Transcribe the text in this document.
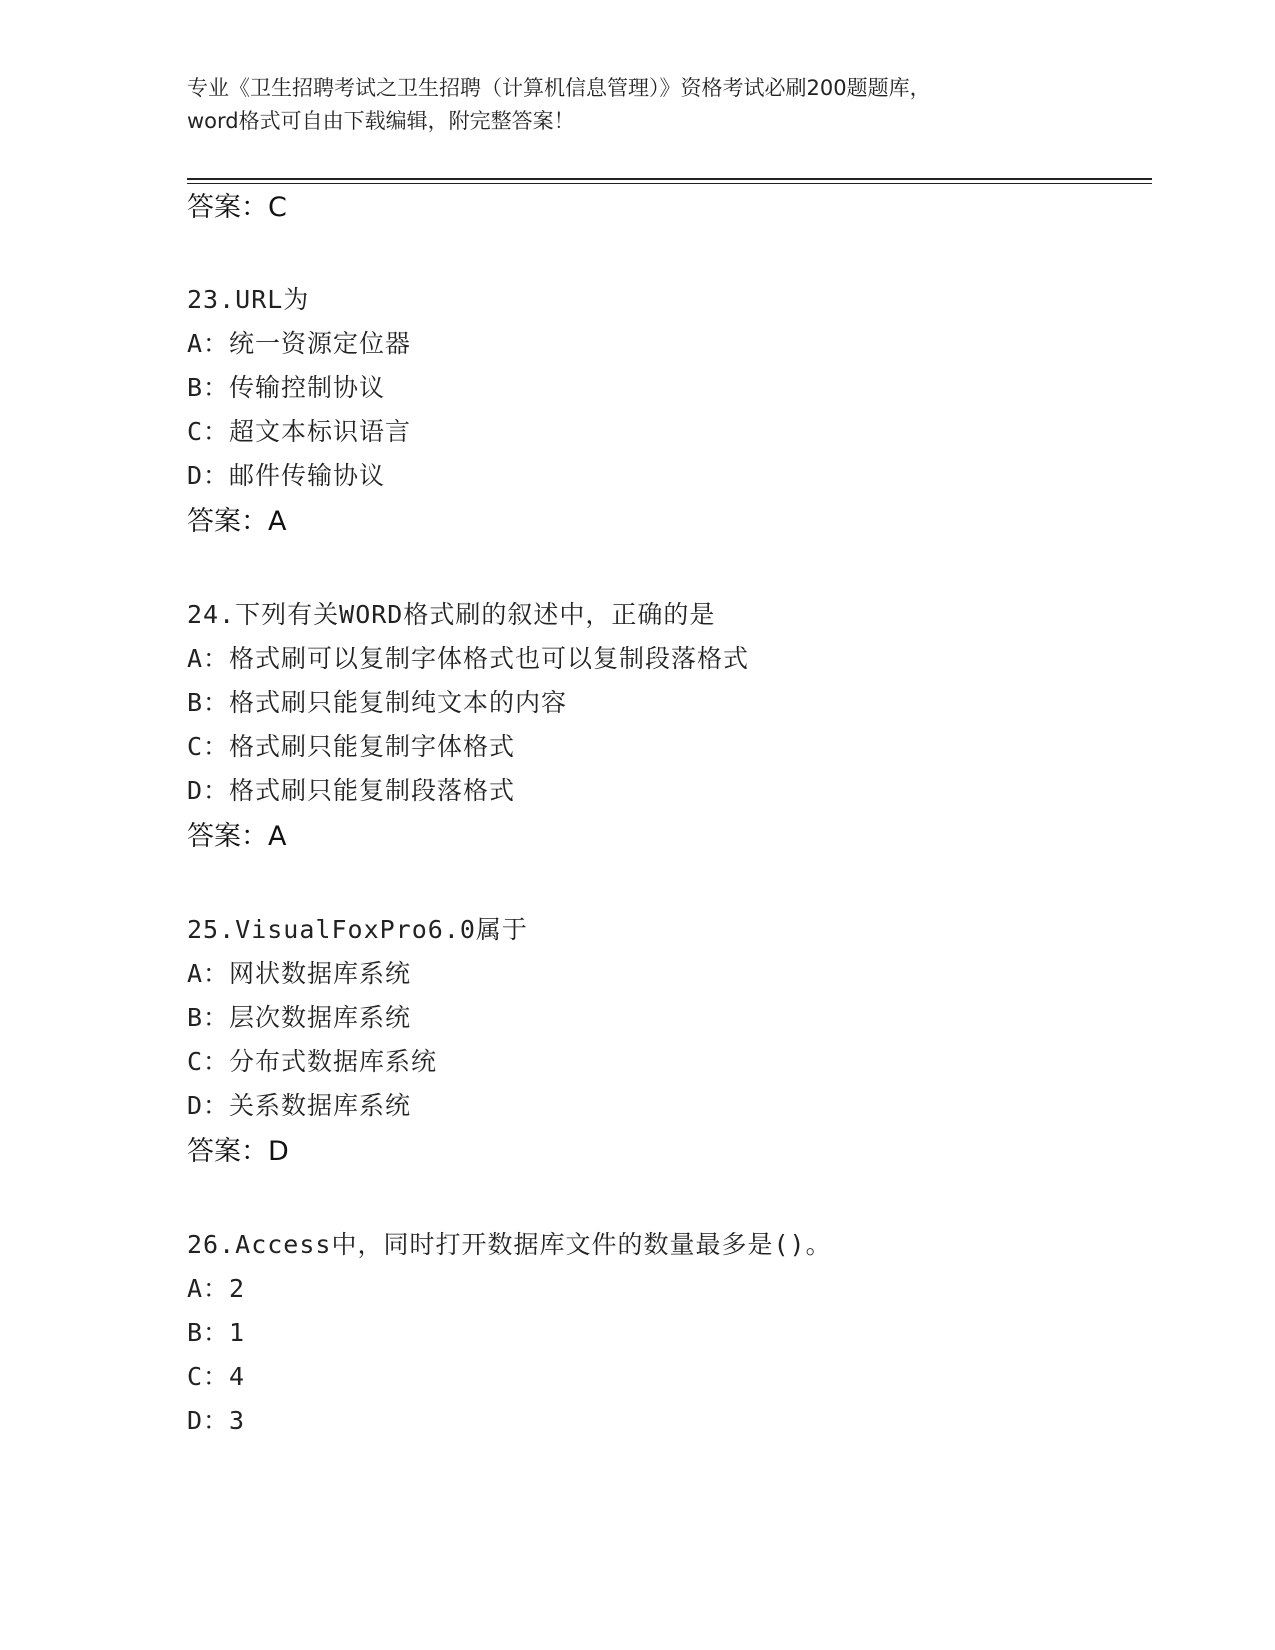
专业《卫生招聘考试之卫生招聘（计算机信息管理）》资格考试必刷200题题库，
word格式可自由下载编辑，附完整答案！
答案：C
23.URL为
A：统一资源定位器
B：传输控制协议
C：超文本标识语言
D：邮件传输协议
答案：A
24.下列有关WORD格式刷的叙述中，正确的是
A：格式刷可以复制字体格式也可以复制段落格式
B：格式刷只能复制纯文本的内容
C：格式刷只能复制字体格式
D：格式刷只能复制段落格式
答案：A
25.VisualFoxPro6.0属于
A：网状数据库系统
B：层次数据库系统
C：分布式数据库系统
D：关系数据库系统
答案：D
26.Access中，同时打开数据库文件的数量最多是()。
A：2
B：1
C：4
D：3
